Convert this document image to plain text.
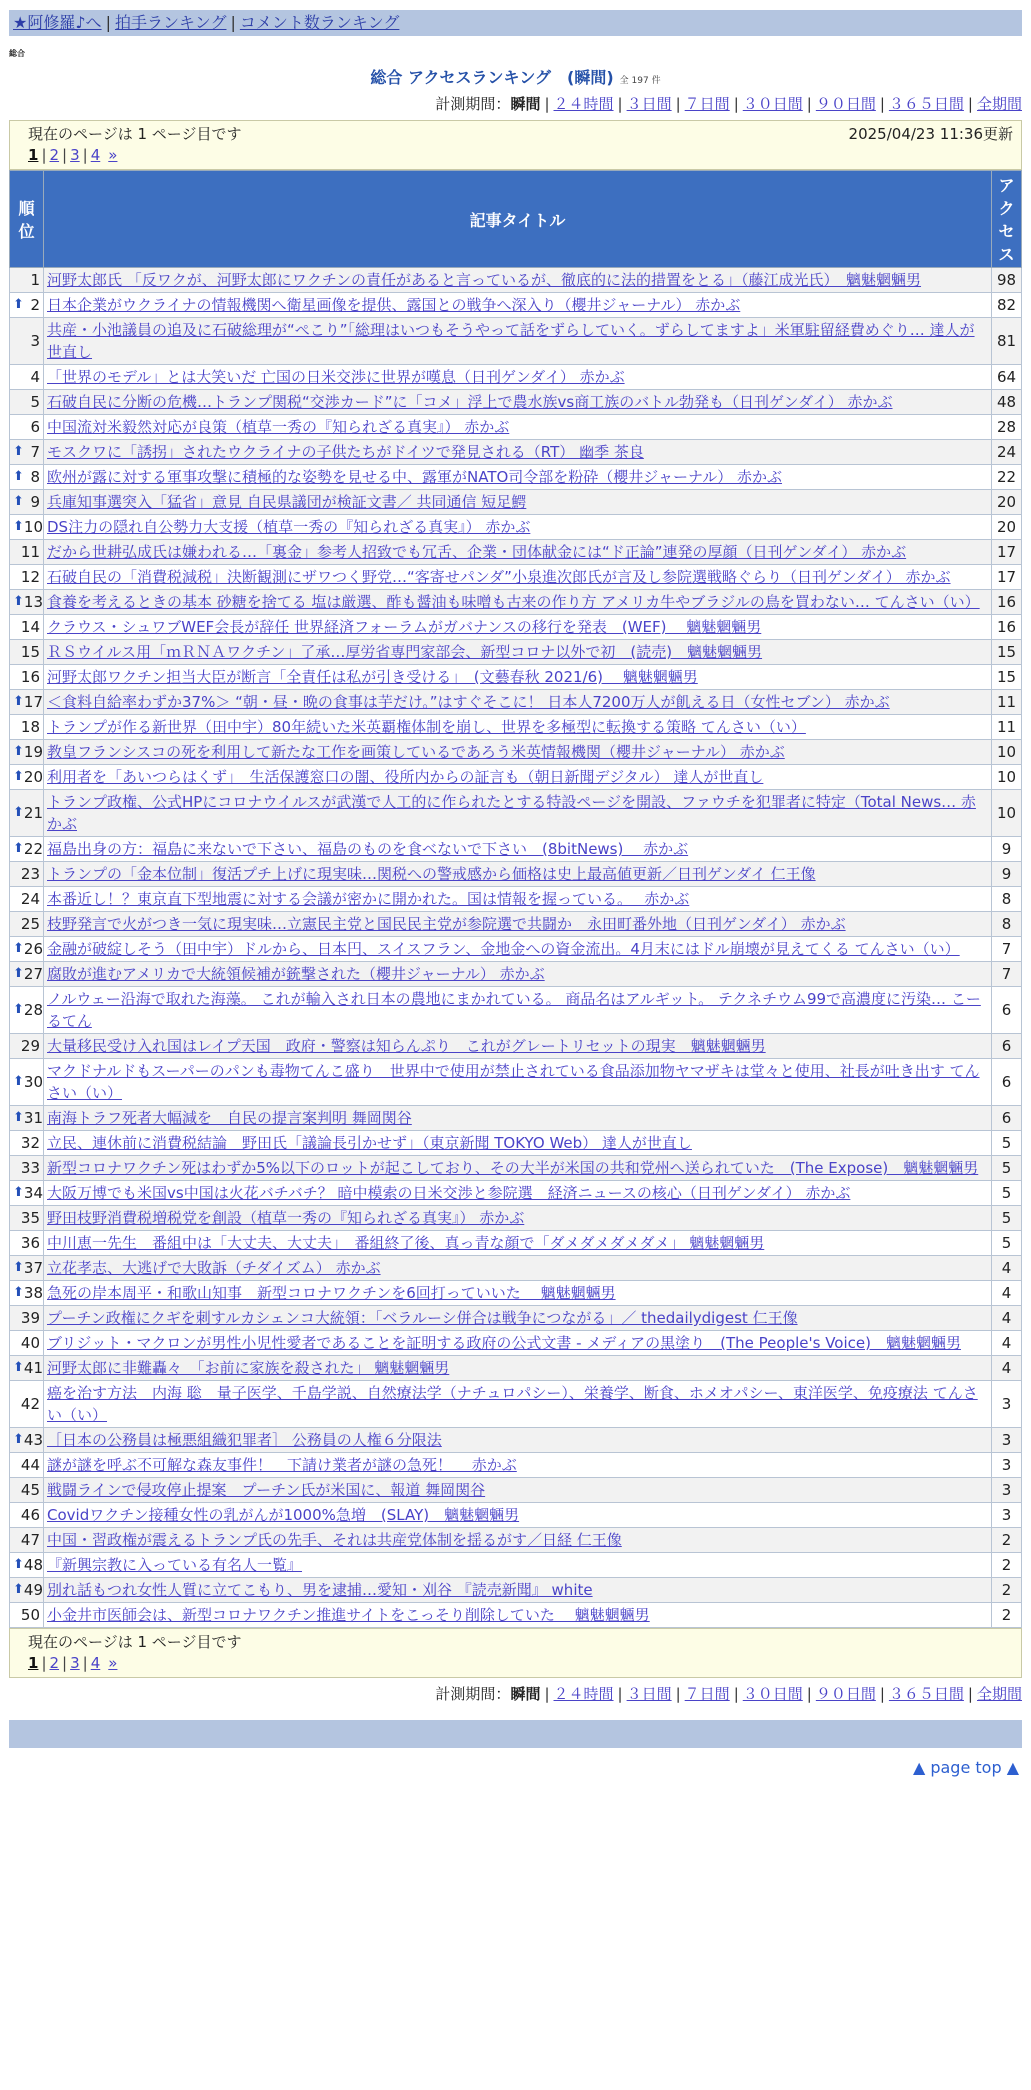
★阿修羅♪へ | 拍手ランキング | コメント数ランキング
総合
総合 アクセスランキング　(瞬間) 全 197 件
計測期間：瞬間 | ２４時間 | ３日間 | ７日間 | ３０日間 | ９０日間 | ３６５日間 | 全期間
現在のページは 1 ページ目です	2025/04/23 11:36更新
1 | 2 | 3 | 4 »
順位	記事タイトル	アクセス
1	河野太郎氏 「反ワクが、河野太郎にワクチンの責任があると言っているが、徹底的に法的措置をとる」（藤江成光氏）　魑魅魍魎男	98

⬆ 2	日本企業がウクライナの情報機関へ衛星画像を提供、露国との戦争へ深入り（櫻井ジャーナル） 赤かぶ	82
3	共産・小池議員の追及に石破総理が“ぺこり”「総理はいつもそうやって話をずらしていく。ずらしてますよ」米軍駐留経費めぐり… 達人が世直し	81
4	「世界のモデル」とは大笑いだ 亡国の日米交渉に世界が嘆息（日刊ゲンダイ） 赤かぶ	64
5	石破自民に分断の危機…トランプ関税“交渉カード”に「コメ」浮上で農水族vs商工族のバトル勃発も（日刊ゲンダイ） 赤かぶ	48
6	中国流対米毅然対応が良策（植草一秀の『知られざる真実』） 赤かぶ	28

⬆ 7	モスクワに「誘拐」されたウクライナの子供たちがドイツで発見される（RT） 幽季 茶良	24

⬆ 8	欧州が露に対する軍事攻撃に積極的な姿勢を見せる中、露軍がNATO司令部を粉砕（櫻井ジャーナル） 赤かぶ	22

⬆ 9	兵庫知事選突入「猛省」意見 自民県議団が検証文書／ 共同通信 短足鰐	20

⬆ 10	DS注力の隠れ自公勢力大支援（植草一秀の『知られざる真実』） 赤かぶ	20
11	だから世耕弘成氏は嫌われる…「裏金」参考人招致でも冗舌、企業・団体献金には“ド正論”連発の厚顔（日刊ゲンダイ） 赤かぶ	17
12	石破自民の「消費税減税」決断観測にザワつく野党…“客寄せパンダ”小泉進次郎氏が言及し参院選戦略ぐらり（日刊ゲンダイ） 赤かぶ	17

⬆ 13	食養を考えるときの基本 砂糖を捨てる 塩は厳選、酢も醤油も味噌も古来の作り方 アメリカ牛やブラジルの鳥を買わない… てんさい（い）	16
14	クラウス・シュワブWEF会長が辞任 世界経済フォーラムがガバナンスの移行を発表　(WEF)　 魑魅魍魎男	16
15	ＲＳウイルス用「ｍＲＮＡワクチン」了承…厚労省専門家部会、新型コロナ以外で初　(読売)　魑魅魍魎男	15
16	河野太郎ワクチン担当大臣が断言「全責任は私が引き受ける」　(文藝春秋 2021/6)　 魑魅魍魎男	15

⬆ 17	＜食料自給率わずか37%＞ “朝・昼・晩の食事は芋だけ。”はすぐそこに！ 日本人7200万人が飢える日（女性セブン） 赤かぶ	11
18	トランプが作る新世界（田中宇）80年続いた米英覇権体制を崩し、世界を多極型に転換する策略 てんさい（い）	11

⬆ 19	教皇フランシスコの死を利用して新たな工作を画策しているであろう米英情報機関（櫻井ジャーナル） 赤かぶ	10

⬆ 20	利用者を「あいつらはくず」　生活保護窓口の闇、役所内からの証言も（朝日新聞デジタル） 達人が世直し	10

⬆ 21	トランプ政権、公式HPにコロナウイルスが武漢で人工的に作られたとする特設ページを開設、ファウチを犯罪者に特定（Total News… 赤かぶ	10

⬆ 22	福島出身の方：福島に来ないで下さい、福島のものを食べないで下さい　(8bitNews)　 赤かぶ	9
23	トランプの「金本位制」復活プチ上げに現実味…関税への警戒感から価格は史上最高値更新／日刊ゲンダイ 仁王像	9
24	本番近し！？東京直下型地震に対する会議が密かに開かれた。国は情報を握っている。　 赤かぶ	8
25	枝野発言で火がつき一気に現実味…立憲民主党と国民民主党が参院選で共闘か　永田町番外地（日刊ゲンダイ） 赤かぶ	8

⬆ 26	金融が破綻しそう（田中宇）ドルから、日本円、スイスフラン、金地金への資金流出。4月末にはドル崩壊が見えてくる てんさい（い）	7

⬆ 27	腐敗が進むアメリカで大統領候補が銃撃された（櫻井ジャーナル） 赤かぶ	7

⬆ 28	ノルウェー沿海で取れた海藻。 これが輸入され日本の農地にまかれている。 商品名はアルギット。 テクネチウム99で高濃度に汚染… こーるてん	6
29	大量移民受け入れ国はレイプ天国　政府・警察は知らんぷり　これがグレートリセットの現実　魑魅魍魎男	6

⬆ 30	マクドナルドもスーパーのパンも毒物てんこ盛り　世界中で使用が禁止されている食品添加物ヤマザキは堂々と使用、社長が吐き出す てんさい（い）	6

⬆ 31	南海トラフ死者大幅減を　自民の提言案判明 舞岡関谷	6
32	立民、連休前に消費税結論　野田氏「議論長引かせず」（東京新聞 TOKYO Web） 達人が世直し	5
33	新型コロナワクチン死はわずか5%以下のロットが起こしており、その大半が米国の共和党州へ送られていた　(The Expose)　魑魅魍魎男	5

⬆ 34	大阪万博でも米国vs中国は火花バチバチ？ 暗中模索の日米交渉と参院選　経済ニュースの核心（日刊ゲンダイ） 赤かぶ	5
35	野田枝野消費税増税党を創設（植草一秀の『知られざる真実』） 赤かぶ	5
36	中川恵一先生　番組中は「大丈夫、大丈夫」　番組終了後、真っ青な顔で「ダメダメダメダメ」 魑魅魍魎男	5

⬆ 37	立花孝志、大逃げで大敗訴（チダイズム） 赤かぶ	4

⬆ 38	急死の岸本周平・和歌山知事　新型コロナワクチンを6回打っていいた　 魑魅魍魎男	4
39	プーチン政権にクギを刺すルカシェンコ大統領：「ベラルーシ併合は戦争につながる」／ thedailydigest 仁王像	4
40	ブリジット・マクロンが男性小児性愛者であることを証明する政府の公式文書 - メディアの黒塗り　(The People's Voice)　魑魅魍魎男	4

⬆ 41	河野太郎に非難轟々　「お前に家族を殺された」 魑魅魍魎男	4
42	癌を治す方法　内海 聡　量子医学、千島学説、自然療法学（ナチュロパシー）、栄養学、断食、ホメオパシー、東洋医学、免疫療法 てんさい（い）	3

⬆ 43	［日本の公務員は極悪組織犯罪者］ 公務員の人権６分限法	3
44	謎が謎を呼ぶ不可解な森友事件！　下請け業者が謎の急死！　 赤かぶ	3
45	戦闘ラインで侵攻停止提案　プーチン氏が米国に、報道 舞岡関谷	3
46	Covidワクチン接種女性の乳がんが1000%急増　(SLAY)　魑魅魍魎男	3
47	中国・習政権が震えるトランプ氏の先手、それは共産党体制を揺るがす／日経 仁王像	2

⬆ 48	『新興宗教に入っている有名人一覧』	2

⬆ 49	別れ話もつれ女性人質に立てこもり、男を逮捕…愛知・刈谷 『読売新聞』 white	2
50	小金井市医師会は、新型コロナワクチン推進サイトをこっそり削除していた　 魑魅魍魎男	2
現在のページは 1 ページ目です
1 | 2 | 3 | 4 »
計測期間：瞬間 | ２４時間 | ３日間 | ７日間 | ３０日間 | ９０日間 | ３６５日間 | 全期間
▲ page top ▲
